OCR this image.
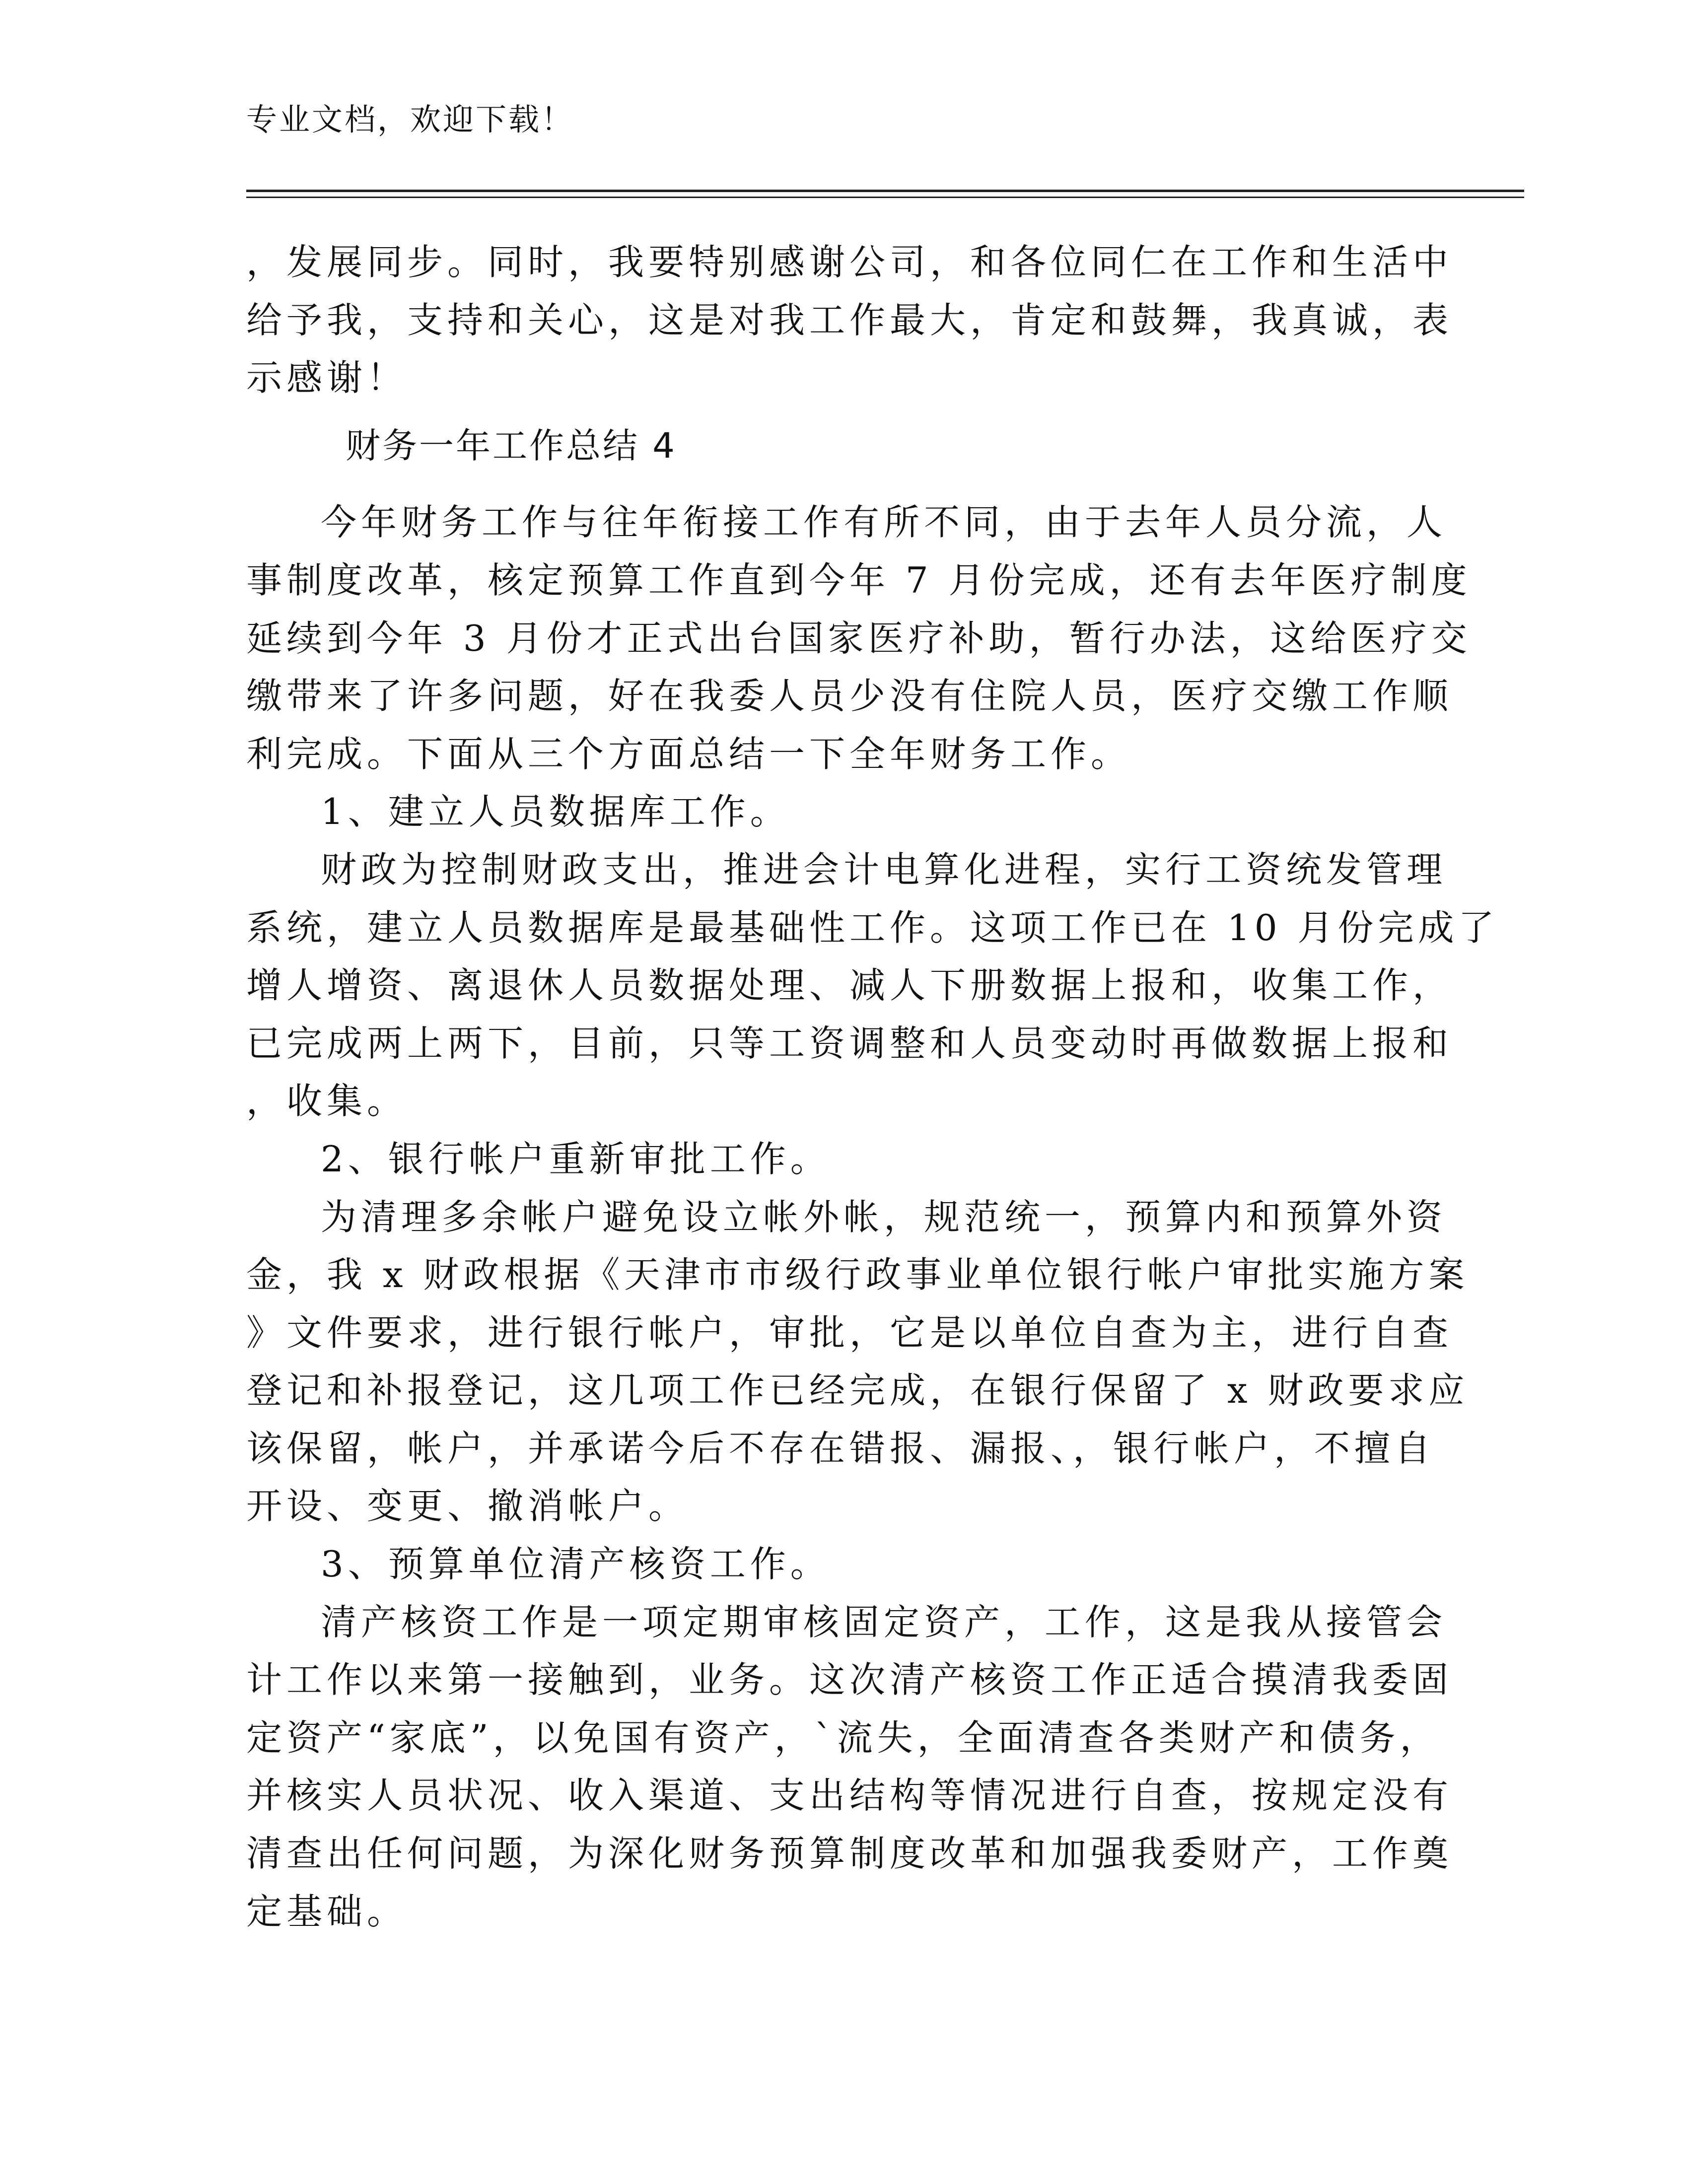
专业文档，欢迎下载！
，发展同步。同时，我要特别感谢公司，和各位同仁在工作和生活中
给予我，支持和关心，这是对我工作最大，肯定和鼓舞，我真诚，表
示感谢！
财务一年工作总结 4
今年财务工作与往年衔接工作有所不同，由于去年人员分流，人
事制度改革，核定预算工作直到今年 7 月份完成，还有去年医疗制度
延续到今年 3 月份才正式出台国家医疗补助，暂行办法，这给医疗交
缴带来了许多问题，好在我委人员少没有住院人员，医疗交缴工作顺
利完成。下面从三个方面总结一下全年财务工作。
1、建立人员数据库工作。
财政为控制财政支出，推进会计电算化进程，实行工资统发管理
系统，建立人员数据库是最基础性工作。这项工作已在 10 月份完成了
增人增资、离退休人员数据处理、减人下册数据上报和，收集工作，
已完成两上两下，目前，只等工资调整和人员变动时再做数据上报和
，收集。
2、银行帐户重新审批工作。
为清理多余帐户避免设立帐外帐，规范统一，预算内和预算外资
金，我 x 财政根据《天津市市级行政事业单位银行帐户审批实施方案
》文件要求，进行银行帐户，审批，它是以单位自查为主，进行自查
登记和补报登记，这几项工作已经完成，在银行保留了 x 财政要求应
该保留，帐户，并承诺今后不存在错报、漏报、，银行帐户，不擅自
开设、变更、撤消帐户。
3、预算单位清产核资工作。
清产核资工作是一项定期审核固定资产，工作，这是我从接管会
计工作以来第一接触到，业务。这次清产核资工作正适合摸清我委固
定资产“家底”，以免国有资产，`流失，全面清查各类财产和债务，
并核实人员状况、收入渠道、支出结构等情况进行自查，按规定没有
清查出任何问题，为深化财务预算制度改革和加强我委财产，工作奠
定基础。
